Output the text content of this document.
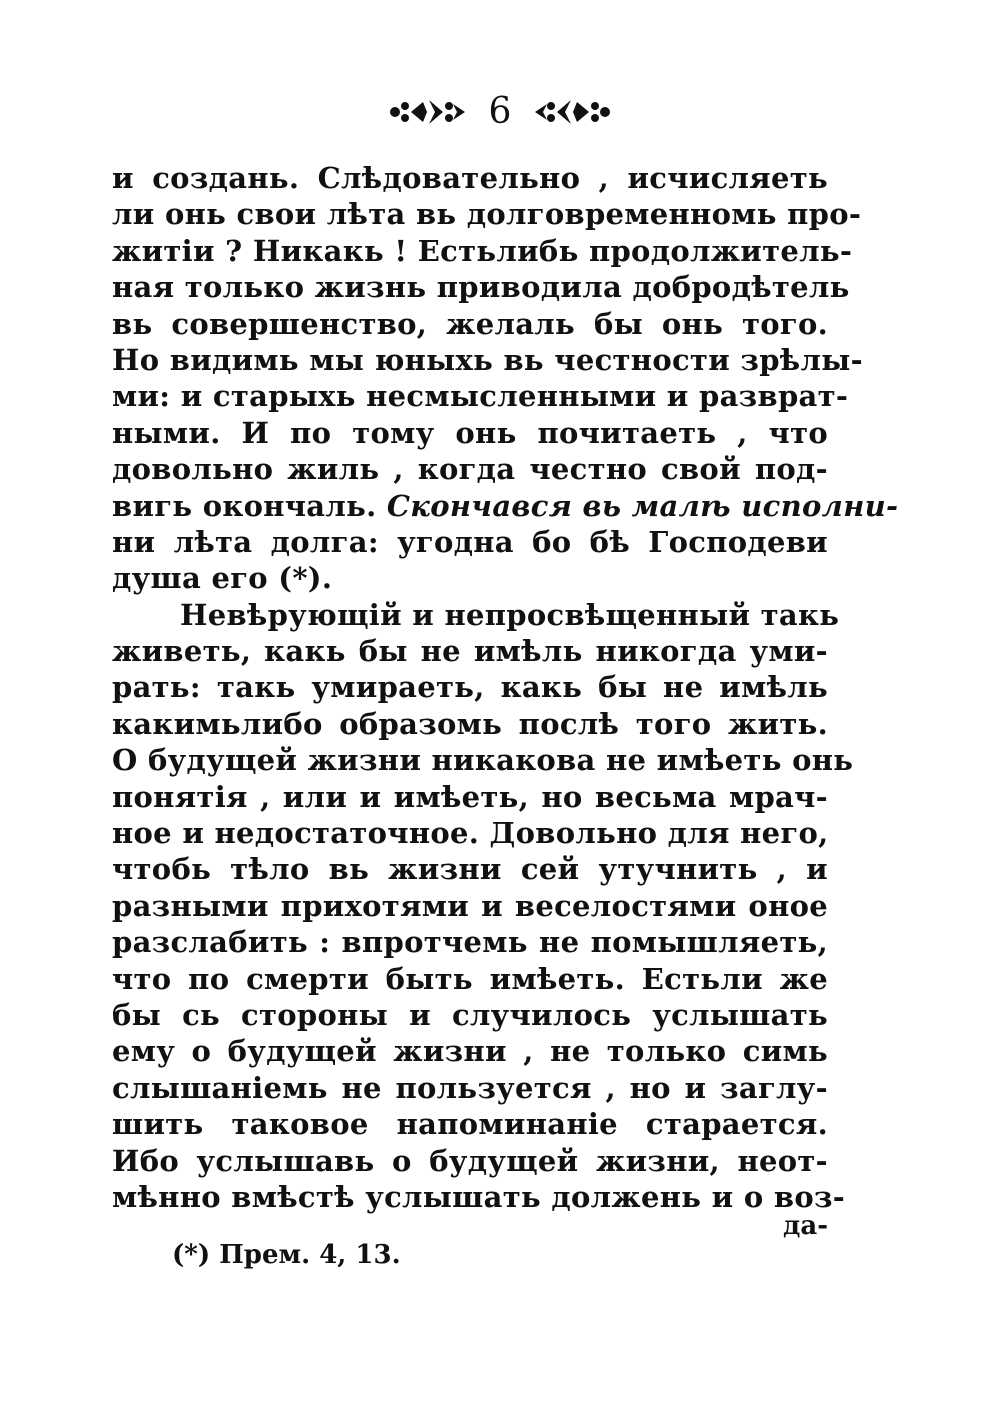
6
и создань. Слѣдовательно , исчисляеть
ли онь свои лѣта вь долговременномь про-
житіи ? Никакь ! Естьлибь продолжитель-
ная только жизнь приводила добродѣтель
вь совершенство, желаль бы онь того.
Но видимь мы юныхь вь честности зрѣлы-
ми: и старыхь несмысленными и разврат-
ными. И по тому онь почитаеть , что
довольно жиль , когда честно свой под-
вигь окончаль. Скончався вь малѣ исполни-
ни лѣта долга: угодна бо бѣ Господеви
душа его (*).
Невѣрующій и непросвѣщенный такь
живеть, какь бы не имѣль никогда уми-
рать: такь умираеть, какь бы не имѣль
какимьлибо образомь послѣ того жить.
О будущей жизни никакова не имѣеть онь
понятія , или и имѣеть, но весьма мрач-
ное и недостаточное. Довольно для него,
чтобь тѣло вь жизни сей утучнить , и
разными прихотями и веселостями оное
разслабить : впротчемь не помышляеть,
что по смерти быть имѣеть. Естьли же
бы сь стороны и случилось услышать
ему о будущей жизни , не только симь
слышаніемь не пользуется , но и заглу-
шить таковое напоминаніе старается.
Ибо услышавь о будущей жизни, неот-
мѣнно вмѣстѣ услышать должень и о воз-
да-
(*) Прем. 4, 13.
